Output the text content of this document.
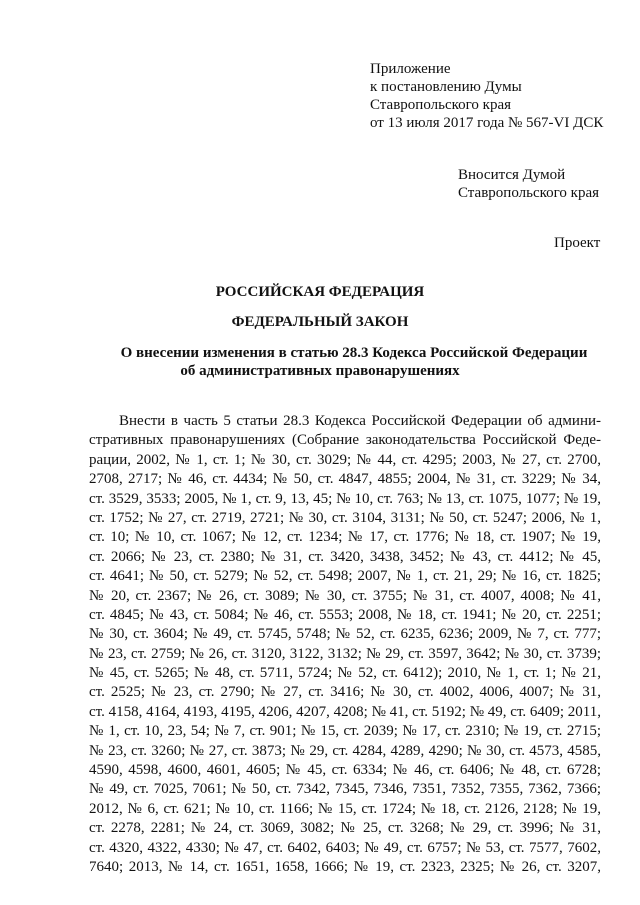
Приложение
к постановлению Думы
Ставропольского края
от 13 июля 2017 года № 567-VI ДСК
Вносится Думой
Ставропольского края
Проект
РОССИЙСКАЯ ФЕДЕРАЦИЯ
ФЕДЕРАЛЬНЫЙ ЗАКОН
О внесении изменения в статью 28.3 Кодекса Российской Федерации
об административных правонарушениях
Внести в часть 5 статьи 28.3 Кодекса Российской Федерации об админи-
стративных правонарушениях (Собрание законодательства Российской Феде-
рации, 2002, № 1, ст. 1; № 30, ст. 3029; № 44, ст. 4295; 2003, № 27, ст. 2700,
2708, 2717; № 46, ст. 4434; № 50, ст. 4847, 4855; 2004, № 31, ст. 3229; № 34,
ст. 3529, 3533; 2005, № 1, ст. 9, 13, 45; № 10, ст. 763; № 13, ст. 1075, 1077; № 19,
ст. 1752; № 27, ст. 2719, 2721; № 30, ст. 3104, 3131; № 50, ст. 5247; 2006, № 1,
ст. 10; № 10, ст. 1067; № 12, ст. 1234; № 17, ст. 1776; № 18, ст. 1907; № 19,
ст. 2066; № 23, ст. 2380; № 31, ст. 3420, 3438, 3452; № 43, ст. 4412; № 45,
ст. 4641; № 50, ст. 5279; № 52, ст. 5498; 2007, № 1, ст. 21, 29; № 16, ст. 1825;
№ 20, ст. 2367; № 26, ст. 3089; № 30, ст. 3755; № 31, ст. 4007, 4008; № 41,
ст. 4845; № 43, ст. 5084; № 46, ст. 5553; 2008, № 18, ст. 1941; № 20, ст. 2251;
№ 30, ст. 3604; № 49, ст. 5745, 5748; № 52, ст. 6235, 6236; 2009, № 7, ст. 777;
№ 23, ст. 2759; № 26, ст. 3120, 3122, 3132; № 29, ст. 3597, 3642; № 30, ст. 3739;
№ 45, ст. 5265; № 48, ст. 5711, 5724; № 52, ст. 6412); 2010, № 1, ст. 1; № 21,
ст. 2525; № 23, ст. 2790; № 27, ст. 3416; № 30, ст. 4002, 4006, 4007; № 31,
ст. 4158, 4164, 4193, 4195, 4206, 4207, 4208; № 41, ст. 5192; № 49, ст. 6409; 2011,
№ 1, ст. 10, 23, 54; № 7, ст. 901; № 15, ст. 2039; № 17, ст. 2310; № 19, ст. 2715;
№ 23, ст. 3260; № 27, ст. 3873; № 29, ст. 4284, 4289, 4290; № 30, ст. 4573, 4585,
4590, 4598, 4600, 4601, 4605; № 45, ст. 6334; № 46, ст. 6406; № 48, ст. 6728;
№ 49, ст. 7025, 7061; № 50, ст. 7342, 7345, 7346, 7351, 7352, 7355, 7362, 7366;
2012, № 6, ст. 621; № 10, ст. 1166; № 15, ст. 1724; № 18, ст. 2126, 2128; № 19,
ст. 2278, 2281; № 24, ст. 3069, 3082; № 25, ст. 3268; № 29, ст. 3996; № 31,
ст. 4320, 4322, 4330; № 47, ст. 6402, 6403; № 49, ст. 6757; № 53, ст. 7577, 7602,
7640; 2013, № 14, ст. 1651, 1658, 1666; № 19, ст. 2323, 2325; № 26, ст. 3207,
